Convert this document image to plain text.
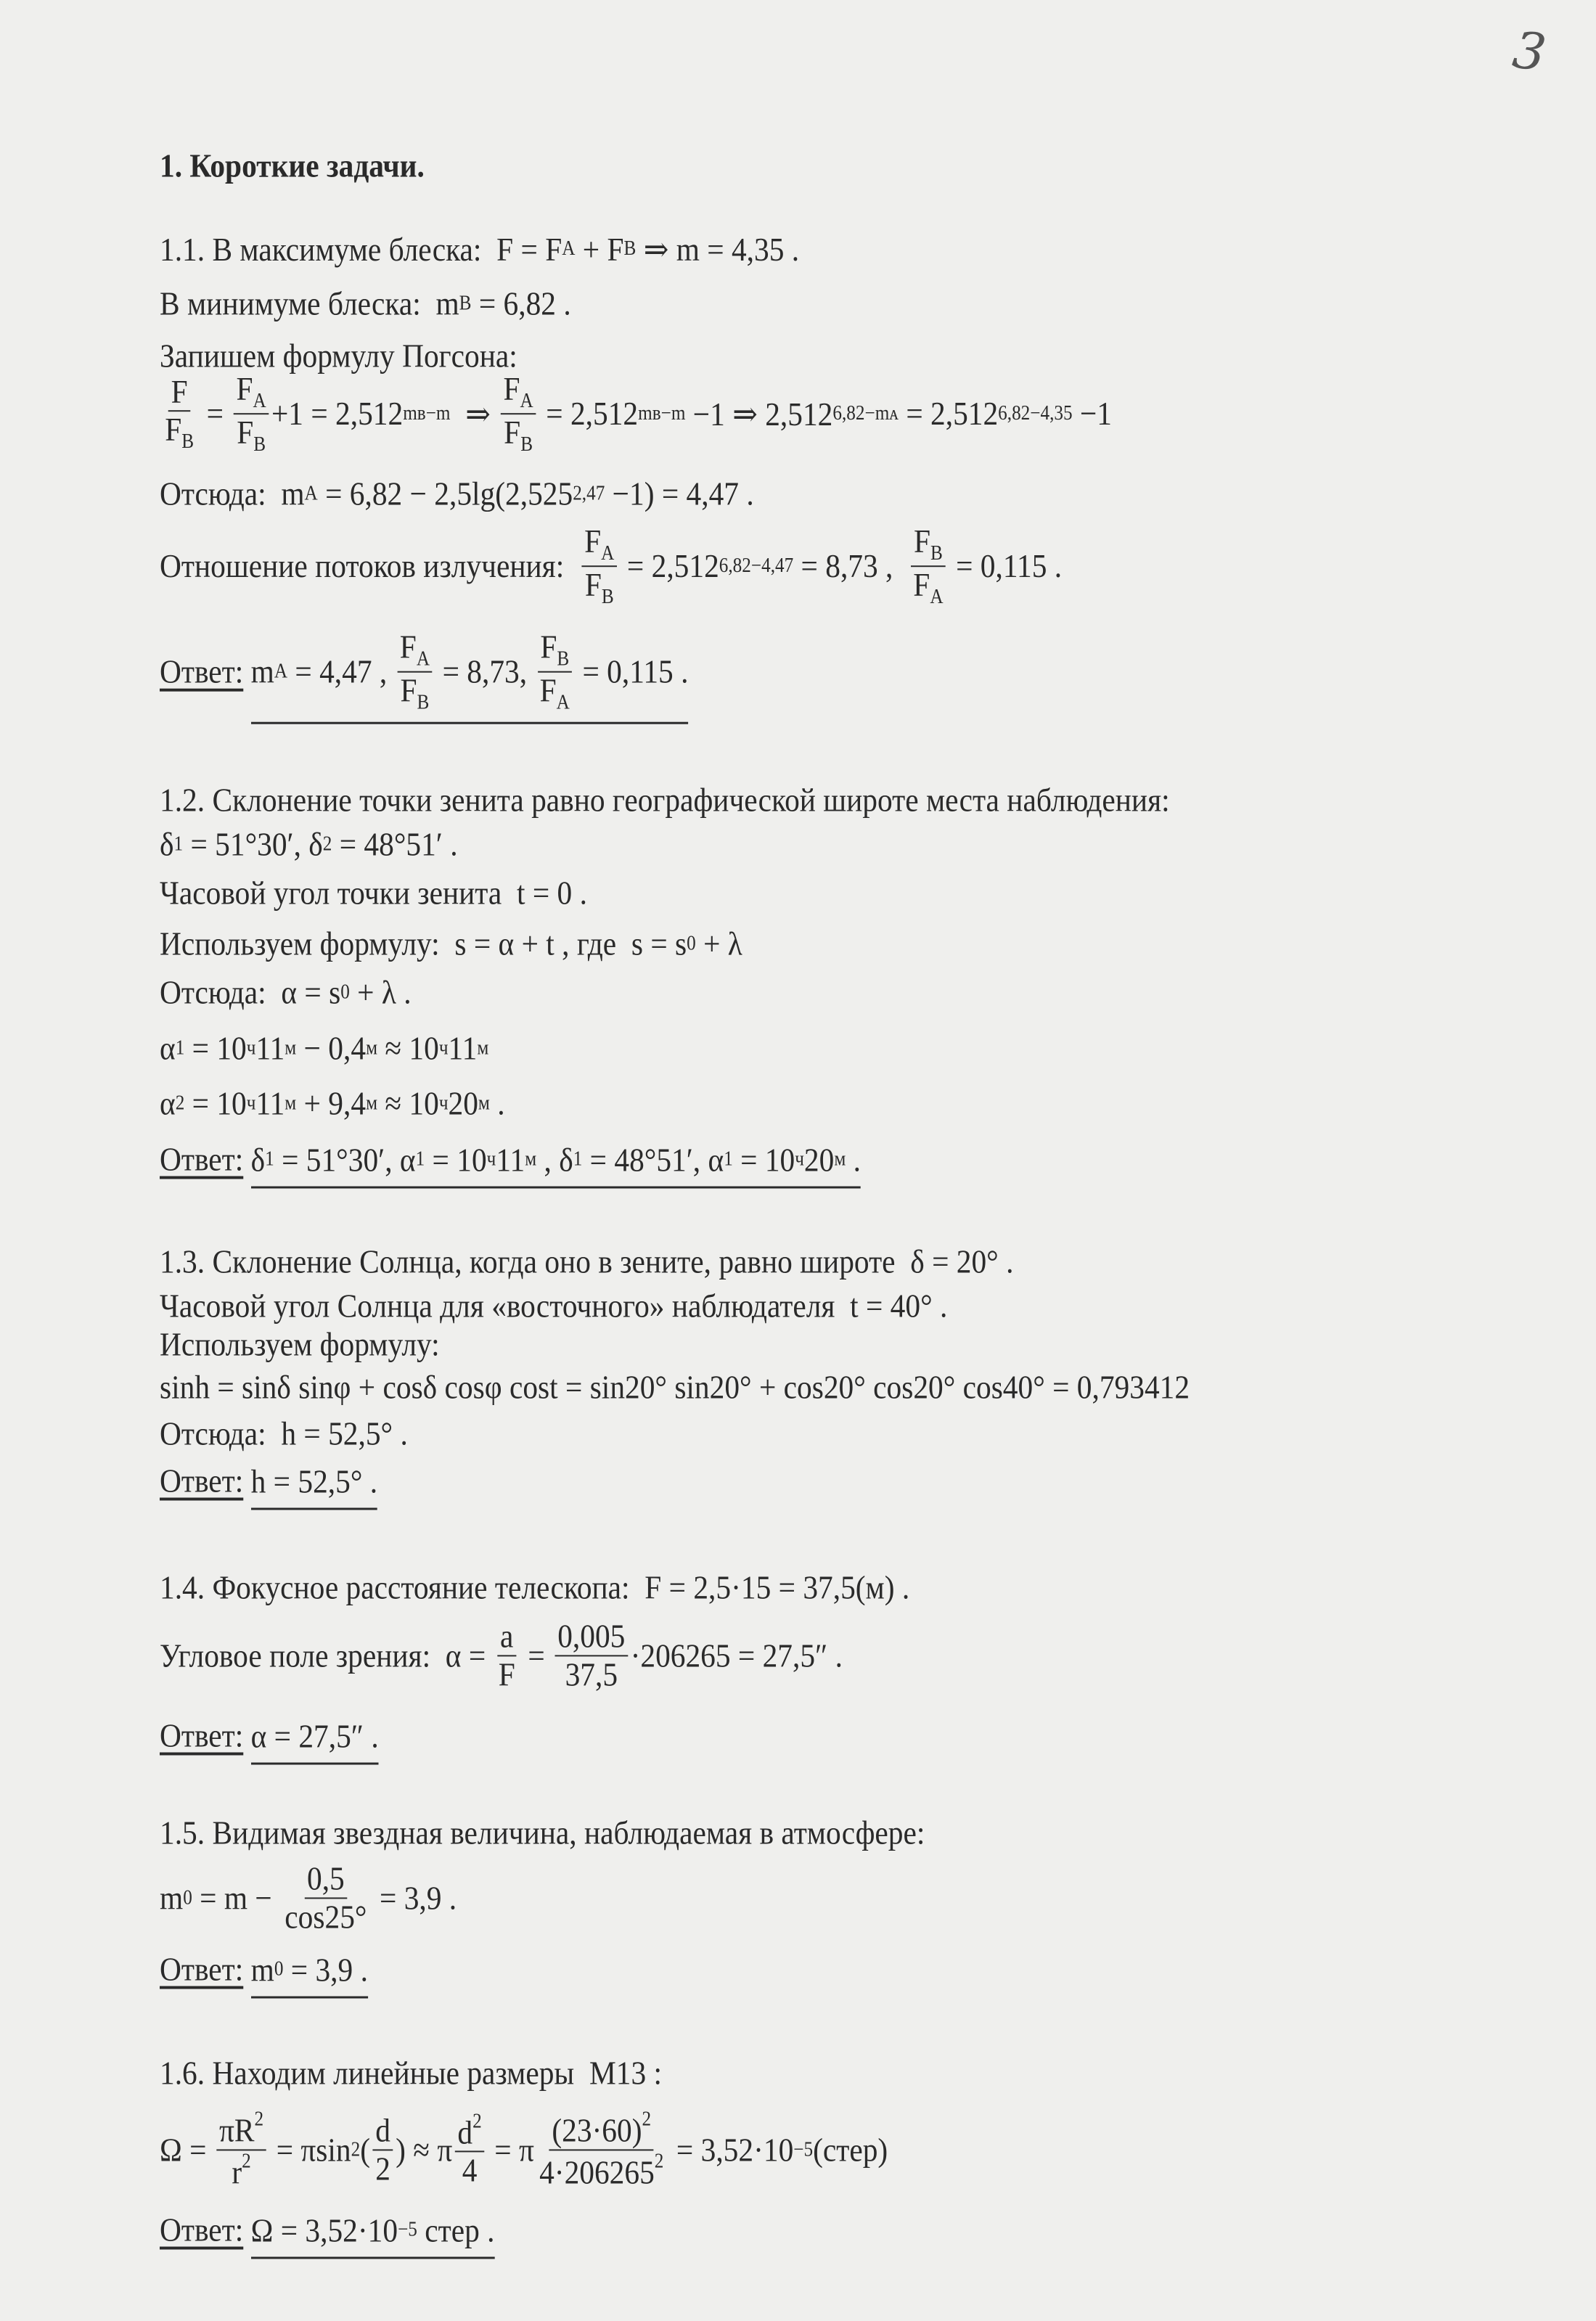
3
1. Короткие задачи.
1.1. В максимуме блеска:  F = F A + F B ⇒ m = 4,35 .
В минимуме блеска:  m B = 6,82 .
Запишем формулу Погсона:
$\frac{F}{F_B} = \frac{F_A}{F_B} +1 = 2,512$ mʙ−m ⇒ $\frac{F_A}{F_B} = 2,512$ mʙ−m −1 ⇒ 2,512 6,82−mᴀ = 2,512 6,82−4,35 −1
Отсюда:  m A = 6,82 − 2,5lg(2,525 2,47 −1) = 4,47 .
Отношение потоков излучения: $\frac{F_A}{F_B} = 2,512$ 6,82−4,47 = 8,73 , $\frac{F_B}{F_A} = 0,115$ .
Ответ:
m A = 4,47 , $\frac{F_A}{F_B} = 8,73$, $\frac{F_B}{F_A} = 0,115$ .
1.2. Склонение точки зенита равно географической широте места наблюдения:
δ 1 = 51°30′, δ 2 = 48°51′ .
Часовой угол точки зенита  t = 0 .
Используем формулу:  s = α + t , где  s = s 0 + λ
Отсюда:  α = s 0 + λ .
α 1 = 10 ч 11 м − 0,4 м ≈ 10 ч 11 м
α 2 = 10 ч 11 м + 9,4 м ≈ 10 ч 20 м .
Ответ:
δ 1 = 51°30′, α 1 = 10 ч 11 м , δ 1 = 48°51′, α 1 = 10 ч 20 м .
1.3. Склонение Солнца, когда оно в зените, равно широте  δ = 20° .
Часовой угол Солнца для «восточного» наблюдателя  t = 40° .
Используем формулу:
sinh = sinδ sinφ + cosδ cosφ cost = sin20° sin20° + cos20° cos20° cos40° = 0,793412
Отсюда:  h = 52,5° .
Ответ:
h = 52,5° .
1.4. Фокусное расстояние телескопа:  F = 2,5·15 = 37,5(м) .
Угловое поле зрения:  $\alpha = \frac{a}{F} = \frac{0,005}{37,5} \cdot 206265 = 27,5''$ .
Ответ:
α = 27,5″ .
1.5. Видимая звездная величина, наблюдаемая в атмосфере:
m $0 = m - \frac{0,5}{\cos 25^\circ} = 3,9$ .
Ответ:
m 0 = 3,9 .
1.6. Находим линейные размеры  M13 :
$\Omega = \frac{\pi R^2}{r^2} = \pi\sin$ 2 ( $\frac{d}{2}$ ) ≈ π $\frac{d^2}{4} = \pi \frac{(23\cdot 60)^2}{4\cdot 206265^2} = 3,52\cdot 10 -5$ (стер)
Ответ:
Ω = 3,52·10 −5 стер .
